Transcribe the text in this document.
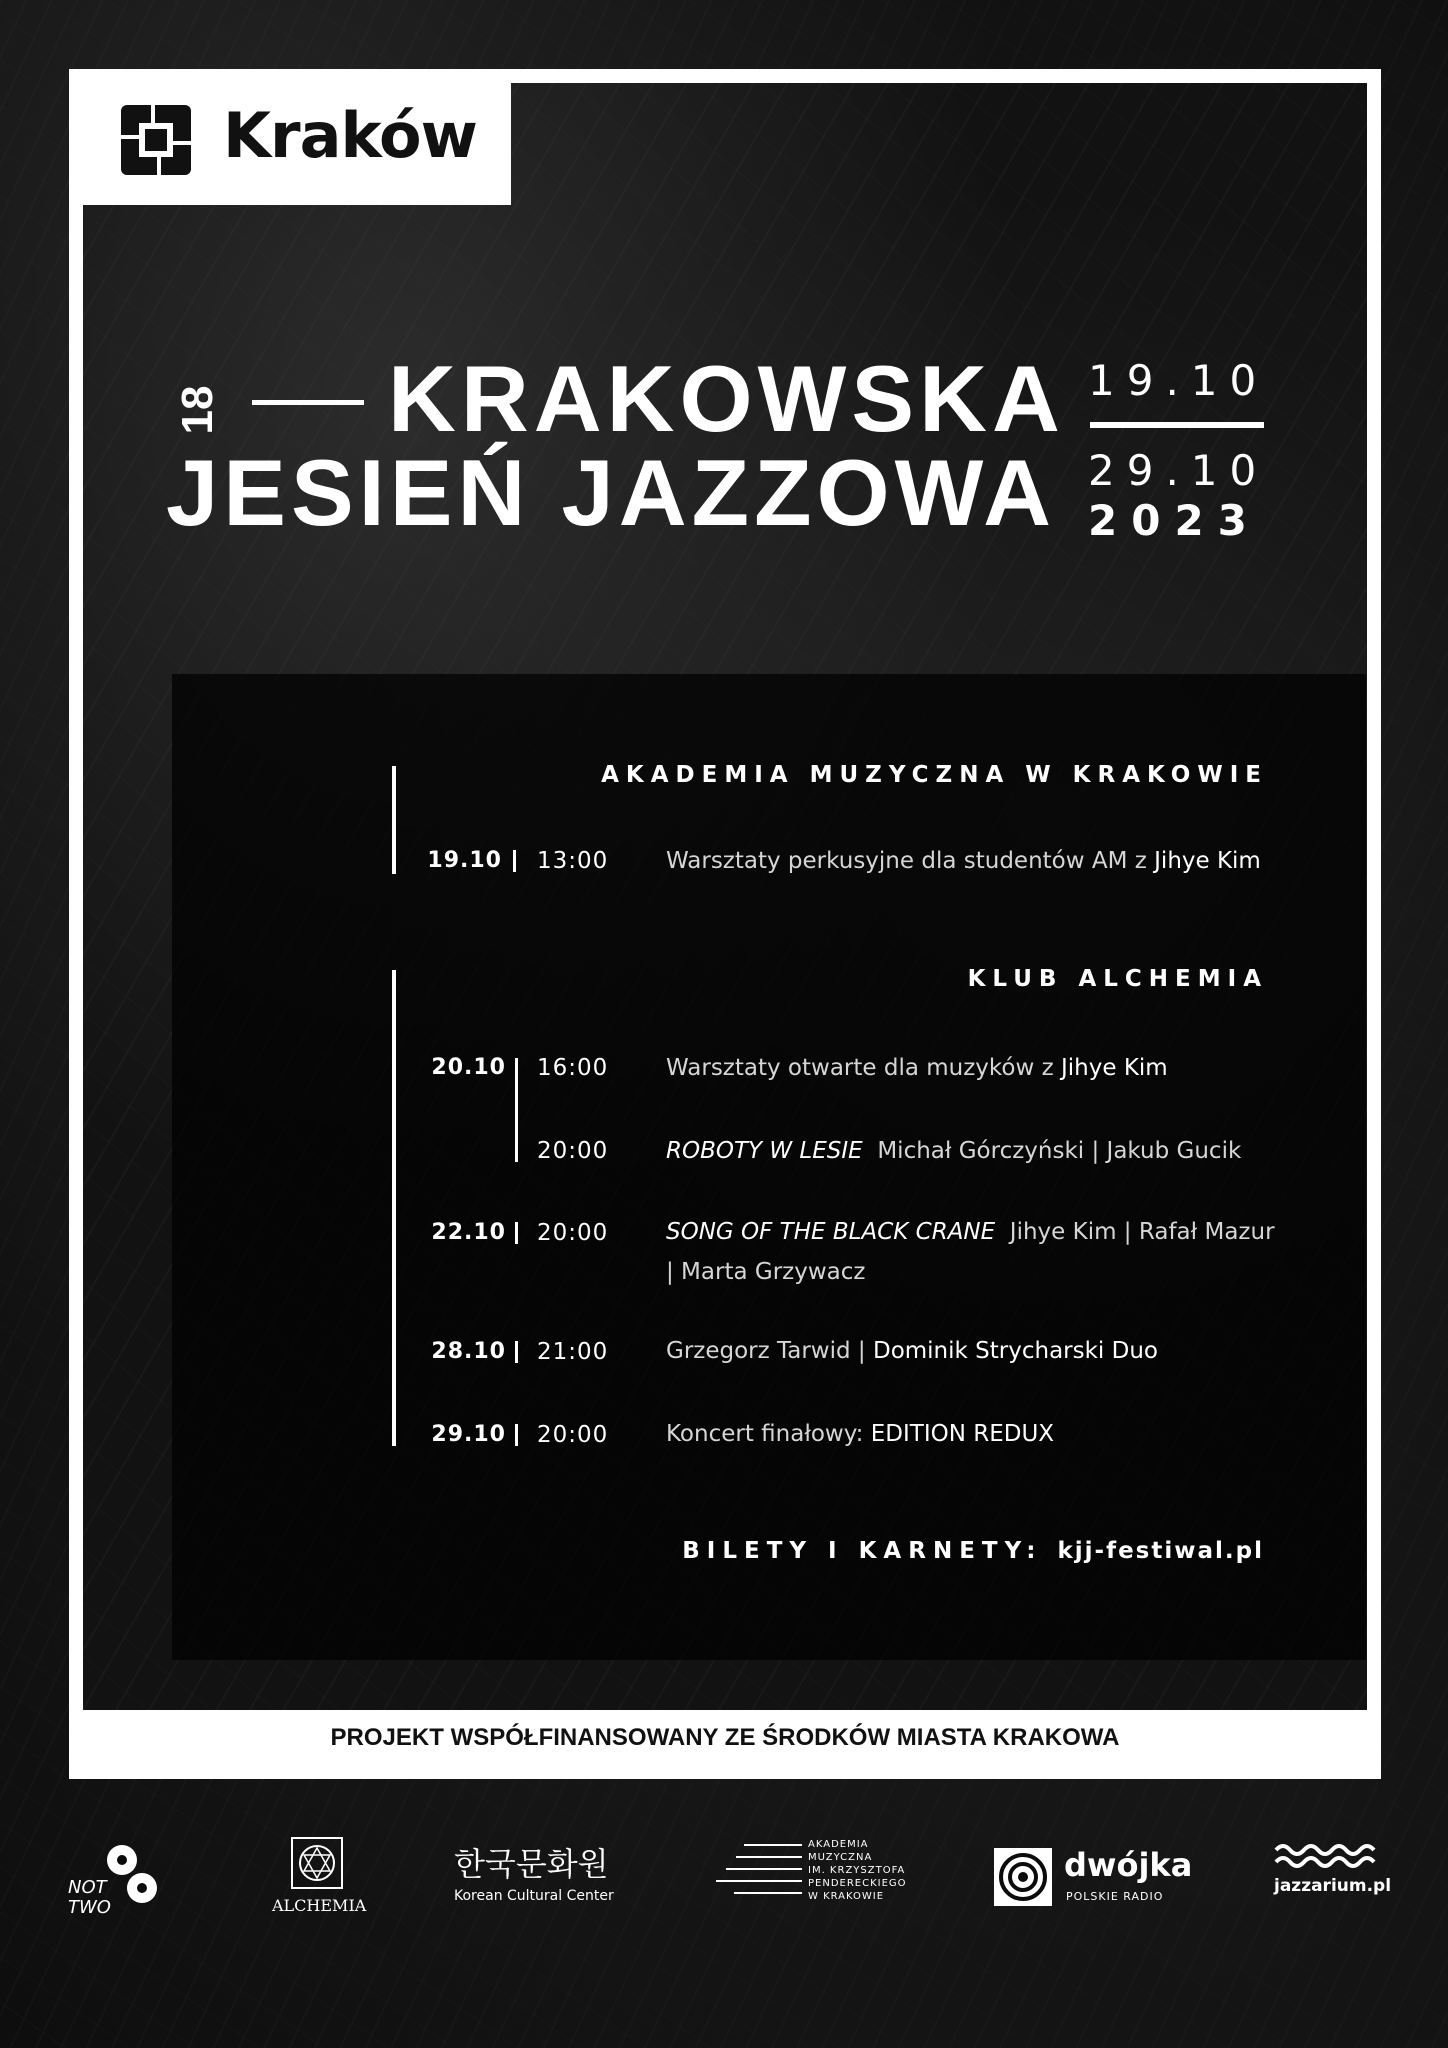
Kraków
18 KRAKOWSKA
JESIEŃ JAZZOWA
19.10
29.10
2023
AKADEMIA MUZYCZNA W KRAKOWIE
19.10 13:00	Warsztaty perkusyjne dla studentów AM z Jihye Kim
KLUB ALCHEMIA
20.10 16:00	Warsztaty otwarte dla muzyków z Jihye Kim
20:00	ROBOTY W LESIE Michał Górczyński | Jakub Gucik
22.10 20:00	SONG OF THE BLACK CRANE Jihye Kim | Rafał Mazur
| Marta Grzywacz
28.10 21:00	Grzegorz Tarwid | Dominik Strycharski Duo
29.10 20:00	Koncert finałowy: EDITION REDUX
BILETY I KARNETY: kjj-festiwal.pl
PROJEKT WSPÓŁFINANSOWANY ZE ŚRODKÓW MIASTA KRAKOWA
NOT TWO	ALCHEMIA
한국문화원
Korean Cultural Center
AKADEMIA
MUZYCZNA
IM. KRZYSZTOFA
PENDERECKIEGO
W KRAKOWIE
dwójka
POLSKIE RADIO
jazzarium.pl
